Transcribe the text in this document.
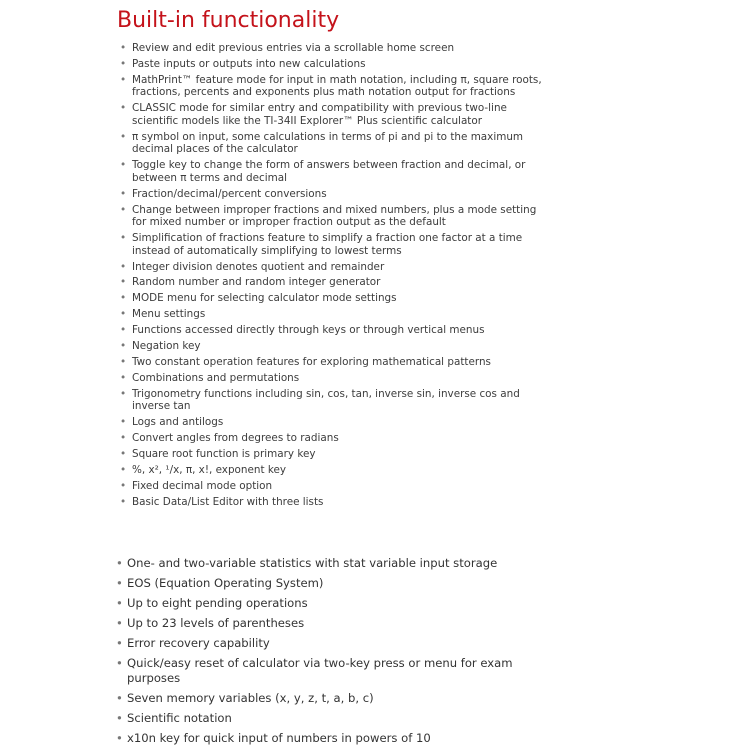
Built-in functionality
• Review and edit previous entries via a scrollable home screen
• Paste inputs or outputs into new calculations
• MathPrint™ feature mode for input in math notation, including π, square roots, fractions, percents and exponents plus math notation output for fractions
• CLASSIC mode for similar entry and compatibility with previous two-line scientific models like the TI-34II Explorer™ Plus scientific calculator
• π symbol on input, some calculations in terms of pi and pi to the maximum decimal places of the calculator
• Toggle key to change the form of answers between fraction and decimal, or between π terms and decimal
• Fraction/decimal/percent conversions
• Change between improper fractions and mixed numbers, plus a mode setting for mixed number or improper fraction output as the default
• Simplification of fractions feature to simplify a fraction one factor at a time instead of automatically simplifying to lowest terms
• Integer division denotes quotient and remainder
• Random number and random integer generator
• MODE menu for selecting calculator mode settings
• Menu settings
• Functions accessed directly through keys or through vertical menus
• Negation key
• Two constant operation features for exploring mathematical patterns
• Combinations and permutations
• Trigonometry functions including sin, cos, tan, inverse sin, inverse cos and inverse tan
• Logs and antilogs
• Convert angles from degrees to radians
• Square root function is primary key
• %, x², ¹/x, π, x!, exponent key
• Fixed decimal mode option
• Basic Data/List Editor with three lists
• One- and two-variable statistics with stat variable input storage
• EOS (Equation Operating System)
• Up to eight pending operations
• Up to 23 levels of parentheses
• Error recovery capability
• Quick/easy reset of calculator via two-key press or menu for exam purposes
• Seven memory variables (x, y, z, t, a, b, c)
• Scientific notation
• x10n key for quick input of numbers in powers of 10
